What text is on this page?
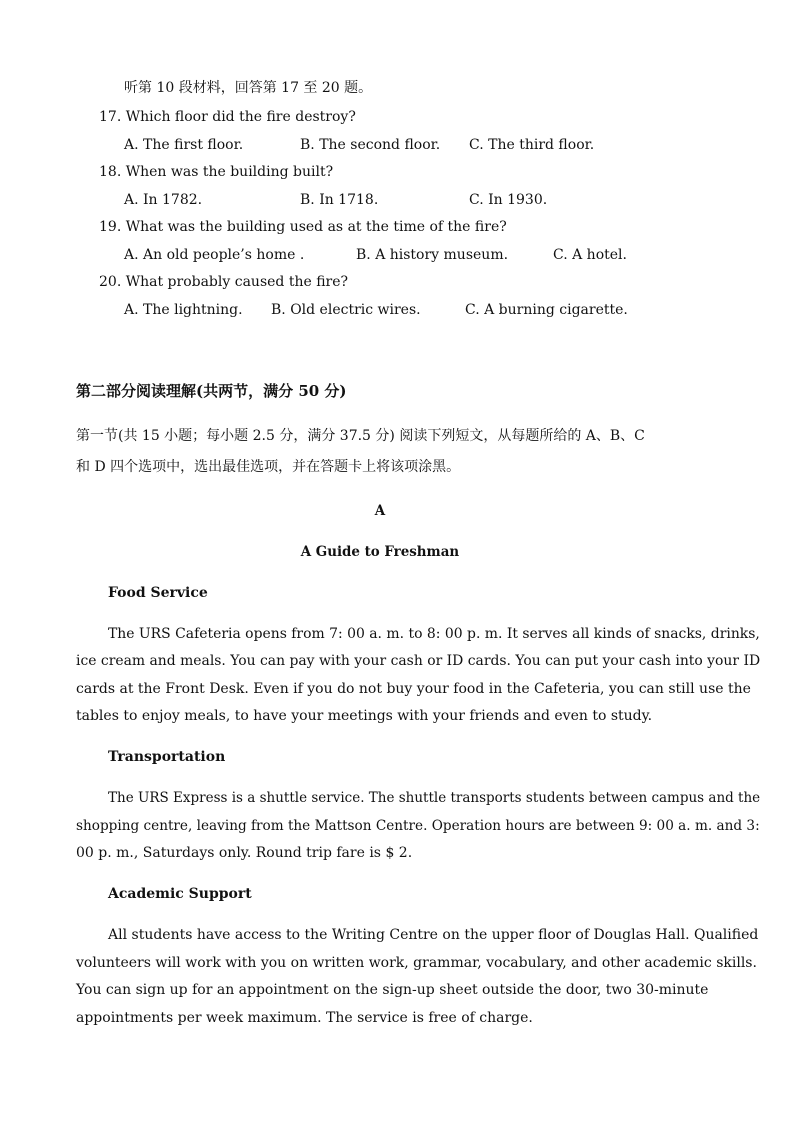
听第 10 段材料，回答第 17 至 20 题。
17. Which floor did the fire destroy?
A. The first floor.	B. The second floor. C. The third floor.
18. When was the building built?
A. In 1782.	B. In 1718.	C. In 1930.
19. What was the building used as at the time of the fire?
A. An old people’s home .	B. A history museum.	C. A hotel.
20. What probably caused the fire?
A. The lightning. B. Old electric wires.	C. A burning cigarette.
第二部分阅读理解(共两节，满分 50 分)
第一节(共 15 小题；每小题 2.5 分，满分 37.5 分) 阅读下列短文，从每题所给的 A、B、C
和 D 四个选项中，选出最佳选项，并在答题卡上将该项涂黑。
A
A Guide to Freshman
Food Service
The URS Cafeteria opens from 7: 00 a. m. to 8: 00 p. m. It serves all kinds of snacks, drinks,
ice cream and meals. You can pay with your cash or ID cards. You can put your cash into your ID
cards at the Front Desk. Even if you do not buy your food in the Cafeteria, you can still use the
tables to enjoy meals, to have your meetings with your friends and even to study.
Transportation
The URS Express is a shuttle service. The shuttle transports students between campus and the
shopping centre, leaving from the Mattson Centre. Operation hours are between 9: 00 a. m. and 3:
00 p. m., Saturdays only. Round trip fare is $ 2.
Academic Support
All students have access to the Writing Centre on the upper floor of Douglas Hall. Qualified
volunteers will work with you on written work, grammar, vocabulary, and other academic skills.
You can sign up for an appointment on the sign-up sheet outside the door, two 30-minute
appointments per week maximum. The service is free of charge.
